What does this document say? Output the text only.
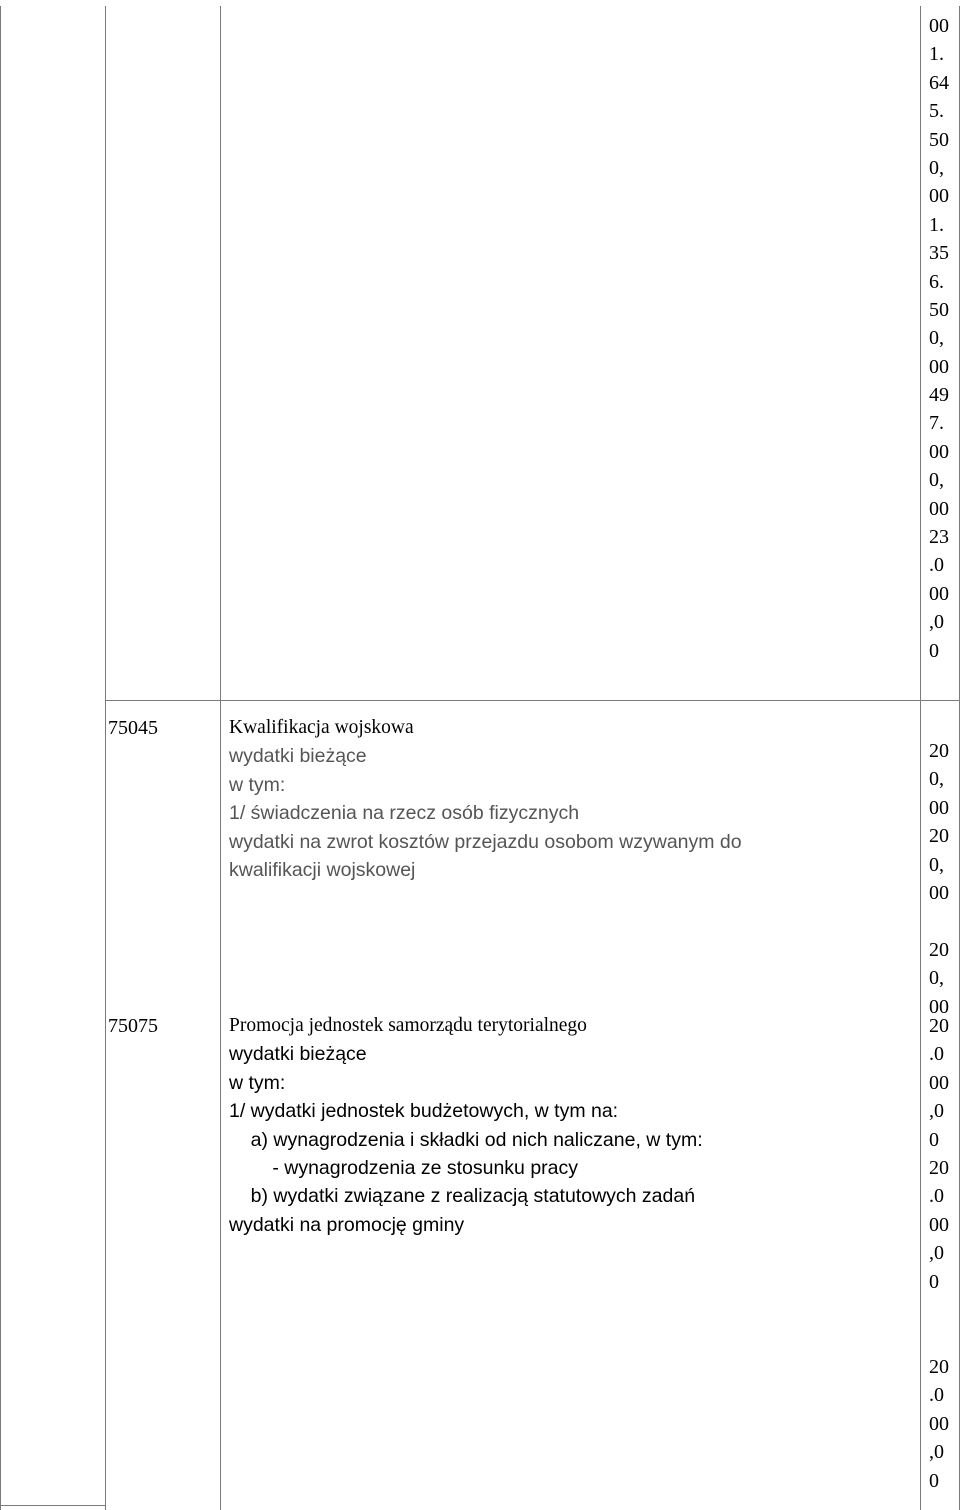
00
1.
64
5.
50
0,
00
1.
35
6.
50
0,
00
49
7.
00
0,
00
23
.0
00
,0
0
75045	Kwalifikacja wojskowa
wydatki bieżące
w tym:
1/ świadczenia na rzecz osób fizycznych
wydatki na zwrot kosztów przejazdu osobom wzywanym do
kwalifikacji wojskowej
20
0,
00
20
0,
00
20
0,
00
75075	Promocja jednostek samorządu terytorialnego
wydatki bieżące
w tym:
1/ wydatki jednostek budżetowych, w tym na:
a) wynagrodzenia i składki od nich naliczane, w tym:
- wynagrodzenia ze stosunku pracy
b) wydatki związane z realizacją statutowych zadań
wydatki na promocję gminy
20
.0
00
,0
0
20
.0
00
,0
0
20
.0
00
,0
0
